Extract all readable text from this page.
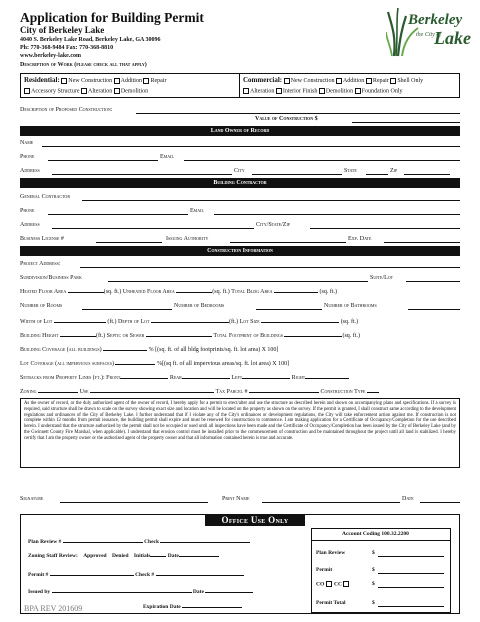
Application for Building Permit
City of Berkeley Lake
4040 S. Berkeley Lake Road, Berkeley Lake, GA 30096
Ph: 770-368-9484 Fax: 770-368-8810
www.berkeley-lake.com
Description of Work (please check all that apply)
Berkeley
the City of
Lake
Residential: New Construction Addition Repair
Accessory Structure Alteration Demolition
Commercial: New Construction Addition Repair Shell Only
Alteration Interior Finish Demolition Foundation Only
Description of Proposed Construction:
Value of Construction $
Land Owner of Record
Name
Phone	Email
Address	City	State	Zip
Building Contractor
General Contractor
Phone	Email
Address	City/State/Zip
Business License #	Issuing Authority	Exp. Date
Construction Information
Project Address:
Subdivision/Business Park	Suite/Lot
Heated Floor Area	(sq. ft.) Unheated Floor Area	(sq. ft.) Total Bldg Area	(sq. ft.)
Number of Rooms	Number of Bedrooms	Number of Bathrooms
Width of Lot	(ft.) Depth of Lot	(ft.) Lot Size	(sq. ft.)
Building Height	(ft.) Septic or Sewer	Total Footprint of Buildings	(sq. ft.)
Building Coverage (all buildings)	% [(sq. ft. of all bldg footprints/sq. ft. lot area) X 100]
Lot Coverage (all impervious surfaces)	%[(sq ft. of all impervious areas/sq. ft. lot area) X 100]
Setbacks from Property Lines (ft.): Front	Rear	Left	Right
Zoning	Use	Tax Parcel #	Construction Type
As the owner of record, or the duly authorized agent of the owner of record, I hereby apply for a permit to erect/alter and use the structure as described herein and shown on accompanying plans and specifications. If a survey is required, said structure shall be drawn to scale on the survey showing exact size and location and will be located on the property as shown on the survey. If the permit is granted, I shall construct same according to the development regulations and ordinances of the City of Berkeley Lake. I further understand that if I violate any of the City's ordinances or development regulations, the City will take enforcement action against me. If construction is not complete within 12 months from permit issuance, the building permit shall expire and must be renewed for construction to commence. I am making application for a Certificate of Occupancy/Completion for the use described herein. I understand that the structure authorized by the permit shall not be occupied or used until all inspections have been made and the Certificate of Occupancy/Completion has been issued by the City of Berkeley Lake (and by the Gwinnett County Fire Marshal, when applicable). I understand that erosion control must be installed prior to the commencement of construction and be maintained throughout the project until all land is stabilized. I hereby certify that I am the property owner or the authorized agent of the property owner and that all information contained herein is true and accurate.
Signature	Print Name	Date
Office Use Only
Plan Review #	Check
Zoning Staff Review: Approved Denied Initials	Date
Permit #	Check #
Issued by	Date
Expiration Date
Account Coding 100.32.2200
Plan Review	$
Permit	$
CO CC	$
Permit Total	$
BPA REV 201609
